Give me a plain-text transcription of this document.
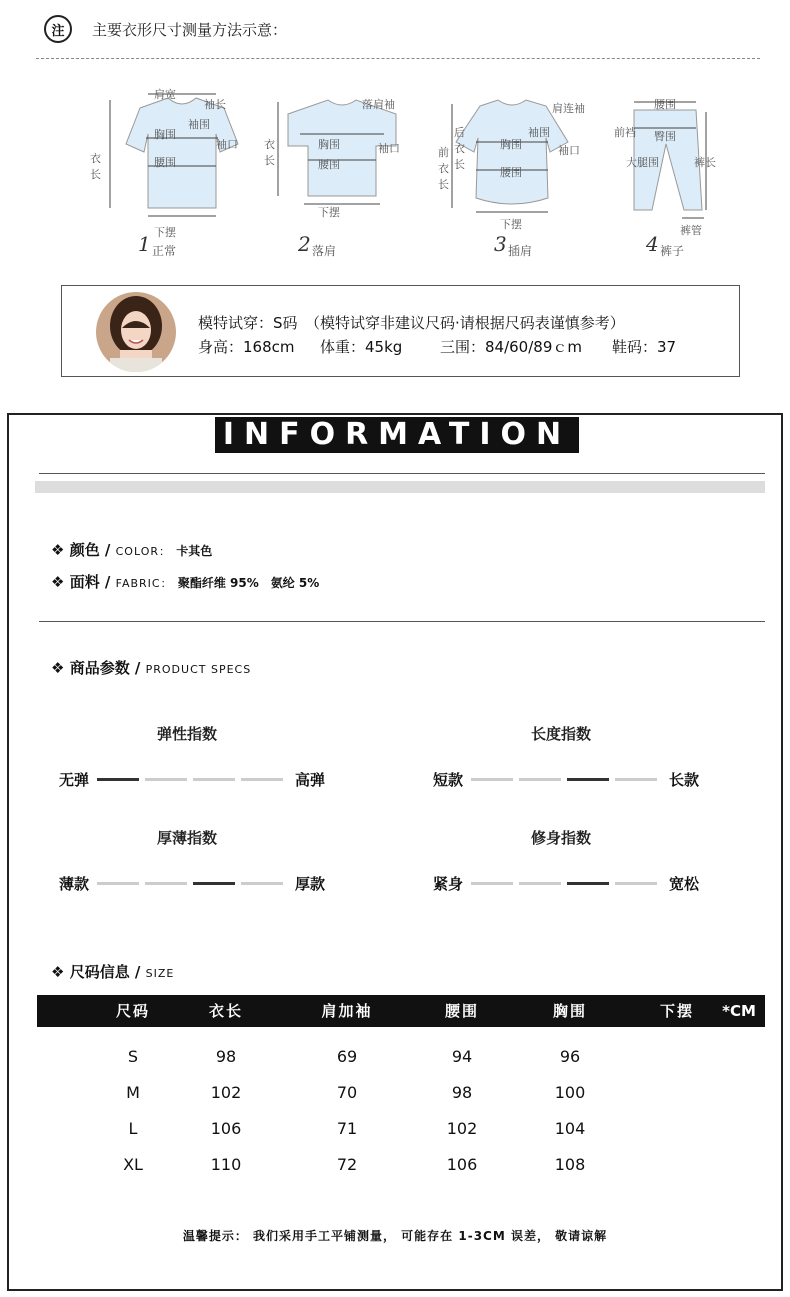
注	主要衣形尺寸测量方法示意：
肩宽
袖长
袖围
胸围
袖口
衣长
腰围
下摆
1 正常
落肩袖
衣长
胸围	袖口
腰围
下摆
2 落肩
肩连袖
后衣长
前衣长
袖围
胸围	袖口
腰围
下摆
3 插肩
腰围
前裆 臀围
大腿围	裤长
裤管
4 裤子
模特试穿：S码　（模特试穿非建议尺码·请根据尺码表谨慎参考）
身高：168cm 体重：45kg	三围：84/60/89ｃm 鞋码：37
INFORMATION
❖ 颜色 / COLOR： 卡其色
❖ 面料 / FABRIC： 聚酯纤维 95%　氨纶 5%
❖ 商品参数 / PRODUCT SPECS
弹性指数
无弹	高弹
长度指数
短款	长款
厚薄指数
薄款	厚款
修身指数
紧身	宽松
❖ 尺码信息 / SIZE
尺码	衣长	肩加袖	腰围	胸围	下摆 *CM
S	98	69	94	96
M	102	70	98	100
L	106	71	102	104
XL	110	72	106	108
温馨提示： 我们采用手工平铺测量， 可能存在 1-3CM 误差， 敬请谅解
